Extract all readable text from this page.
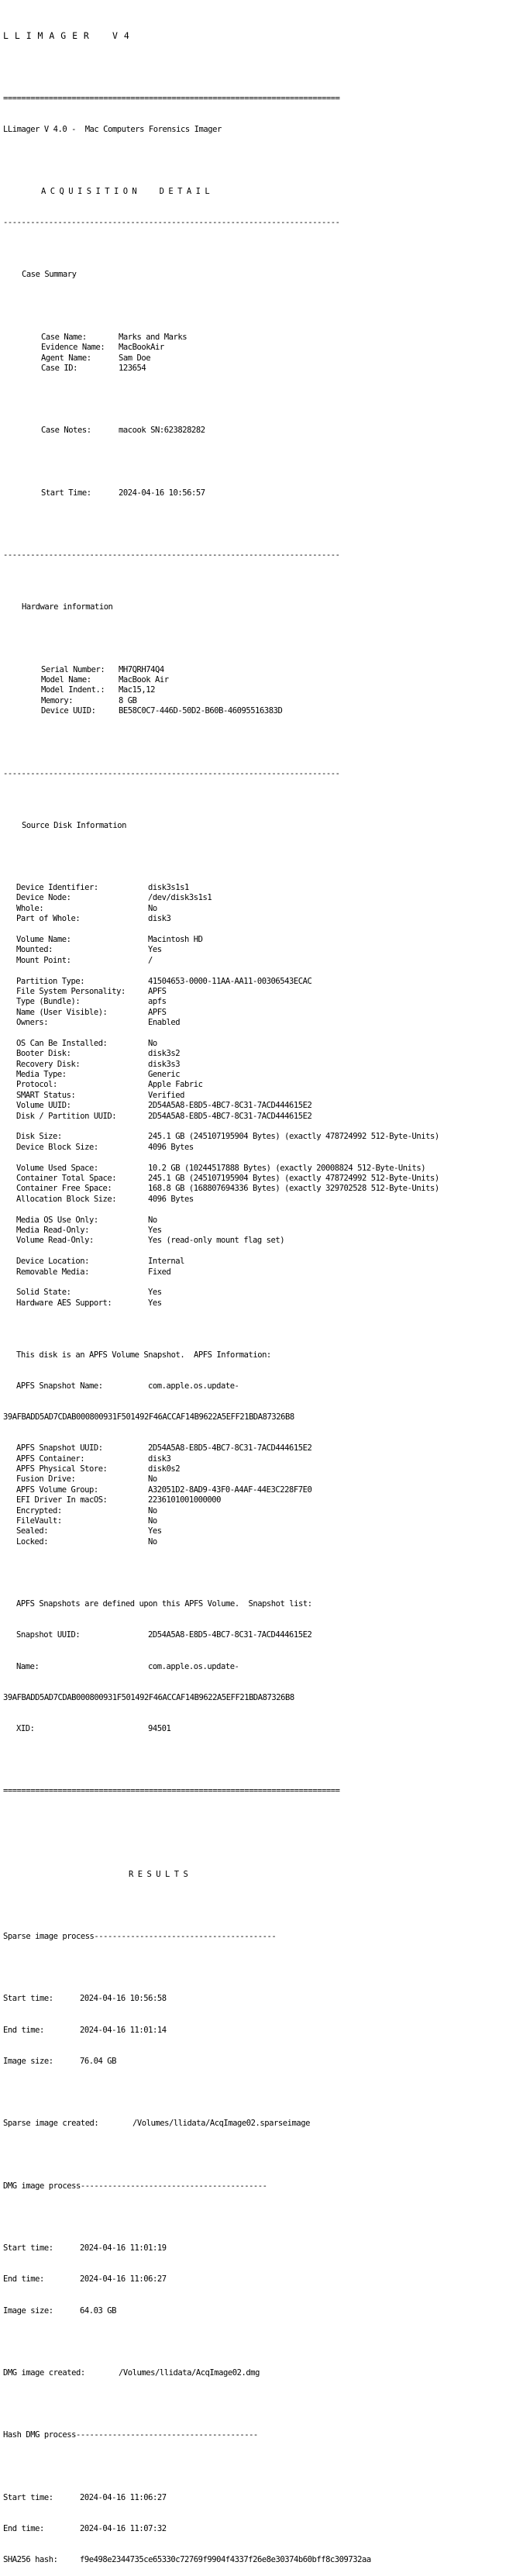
L L I M A G E R    V 4

==========================================================================

LLimager V 4.0 -  Mac Computers Forensics Imager

A C Q U I S I T I O N     D E T A I L

--------------------------------------------------------------------------

Case Summary

Case Name:	Marks and Marks
Evidence Name: MacBookAir
Agent Name:	Sam Doe
Case ID:	123654

Case Notes:	macook SN:623828282

Start Time:	2024-04-16 10:56:57

--------------------------------------------------------------------------

Hardware information

Serial Number: MH7QRH74Q4
Model Name:	MacBook Air
Model Indent.: Mac15,12
Memory:	8 GB
Device UUID:	BE58C0C7-446D-50D2-B60B-46095516383D

--------------------------------------------------------------------------

Source Disk Information

Device Identifier:	disk3s1s1
Device Node:	/dev/disk3s1s1
Whole:	No
Part of Whole:	disk3
Volume Name:	Macintosh HD
Mounted:	Yes
Mount Point:	/
Partition Type:	41504653-0000-11AA-AA11-00306543ECAC
File System Personality:	APFS
Type (Bundle):	apfs
Name (User Visible):	APFS
Owners:	Enabled
OS Can Be Installed:	No
Booter Disk:	disk3s2
Recovery Disk:	disk3s3
Media Type:	Generic
Protocol:	Apple Fabric
SMART Status:	Verified
Volume UUID:	2D54A5A8-E8D5-4BC7-8C31-7ACD444615E2
Disk / Partition UUID:	2D54A5A8-E8D5-4BC7-8C31-7ACD444615E2
Disk Size:	245.1 GB (245107195904 Bytes) (exactly 478724992 512-Byte-Units)
Device Block Size:	4096 Bytes
Volume Used Space:	10.2 GB (10244517888 Bytes) (exactly 20008824 512-Byte-Units)
Container Total Space:	245.1 GB (245107195904 Bytes) (exactly 478724992 512-Byte-Units)
Container Free Space:	168.8 GB (168807694336 Bytes) (exactly 329702528 512-Byte-Units)
Allocation Block Size:	4096 Bytes
Media OS Use Only:	No
Media Read-Only:	Yes
Volume Read-Only:	Yes (read-only mount flag set)
Device Location:	Internal
Removable Media:	Fixed
Solid State:	Yes
Hardware AES Support:	Yes

This disk is an APFS Volume Snapshot.  APFS Information:

APFS Snapshot Name:	com.apple.os.update-

39AFBADD5AD7CDAB000800931F501492F46ACCAF14B9622A5EFF21BDA87326B8

APFS Snapshot UUID:	2D54A5A8-E8D5-4BC7-8C31-7ACD444615E2
APFS Container:	disk3
APFS Physical Store:	disk0s2
Fusion Drive:	No
APFS Volume Group:	A32051D2-8AD9-43F0-A4AF-44E3C228F7E0
EFI Driver In macOS:	2236101001000000
Encrypted:	No
FileVault:	No
Sealed:	Yes
Locked:	No

APFS Snapshots are defined upon this APFS Volume.  Snapshot list:

Snapshot UUID:	2D54A5A8-E8D5-4BC7-8C31-7ACD444615E2

Name:	com.apple.os.update-

39AFBADD5AD7CDAB000800931F501492F46ACCAF14B9622A5EFF21BDA87326B8

XID:	94501

==========================================================================

R E S U L T S

Sparse image process----------------------------------------

Start time:	2024-04-16 10:56:58

End time:	2024-04-16 11:01:14

Image size:	76.04 GB

Sparse image created:	/Volumes/llidata/AcqImage02.sparseimage

DMG image process-----------------------------------------

Start time:	2024-04-16 11:01:19

End time:	2024-04-16 11:06:27

Image size:	64.03 GB

DMG image created:	/Volumes/llidata/AcqImage02.dmg

Hash DMG process----------------------------------------

Start time:	2024-04-16 11:06:27

End time:	2024-04-16 11:07:32

SHA256 hash:	f9e498e2344735ce65330c72769f9904f4337f26e8e30374b60bff8c309732aa
